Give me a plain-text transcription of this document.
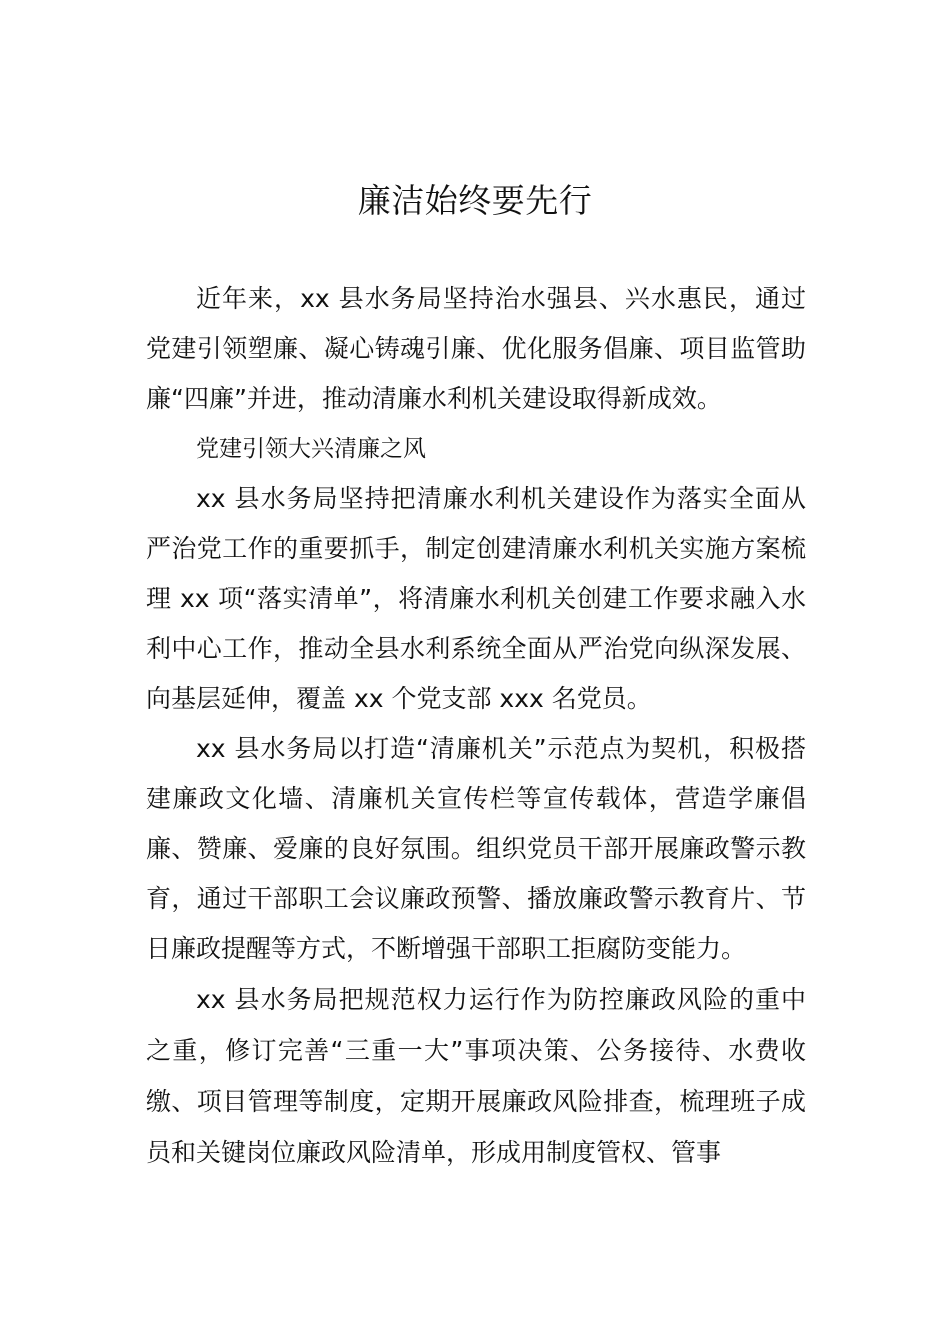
廉洁始终要先行

近年来，xx 县水务局坚持治水强县、兴水惠民，通过党建引领塑廉、凝心铸魂引廉、优化服务倡廉、项目监管助廉“四廉”并进，推动清廉水利机关建设取得新成效。

党建引领大兴清廉之风

xx 县水务局坚持把清廉水利机关建设作为落实全面从严治党工作的重要抓手，制定创建清廉水利机关实施方案梳理 xx 项“落实清单”，将清廉水利机关创建工作要求融入水利中心工作，推动全县水利系统全面从严治党向纵深发展、向基层延伸，覆盖 xx 个党支部 xxx 名党员。

xx 县水务局以打造“清廉机关”示范点为契机，积极搭建廉政文化墙、清廉机关宣传栏等宣传载体，营造学廉倡廉、赞廉、爱廉的良好氛围。组织党员干部开展廉政警示教育，通过干部职工会议廉政预警、播放廉政警示教育片、节日廉政提醒等方式，不断增强干部职工拒腐防变能力。

xx 县水务局把规范权力运行作为防控廉政风险的重中之重，修订完善“三重一大”事项决策、公务接待、水费收缴、项目管理等制度，定期开展廉政风险排查，梳理班子成员和关键岗位廉政风险清单，形成用制度管权、管事
